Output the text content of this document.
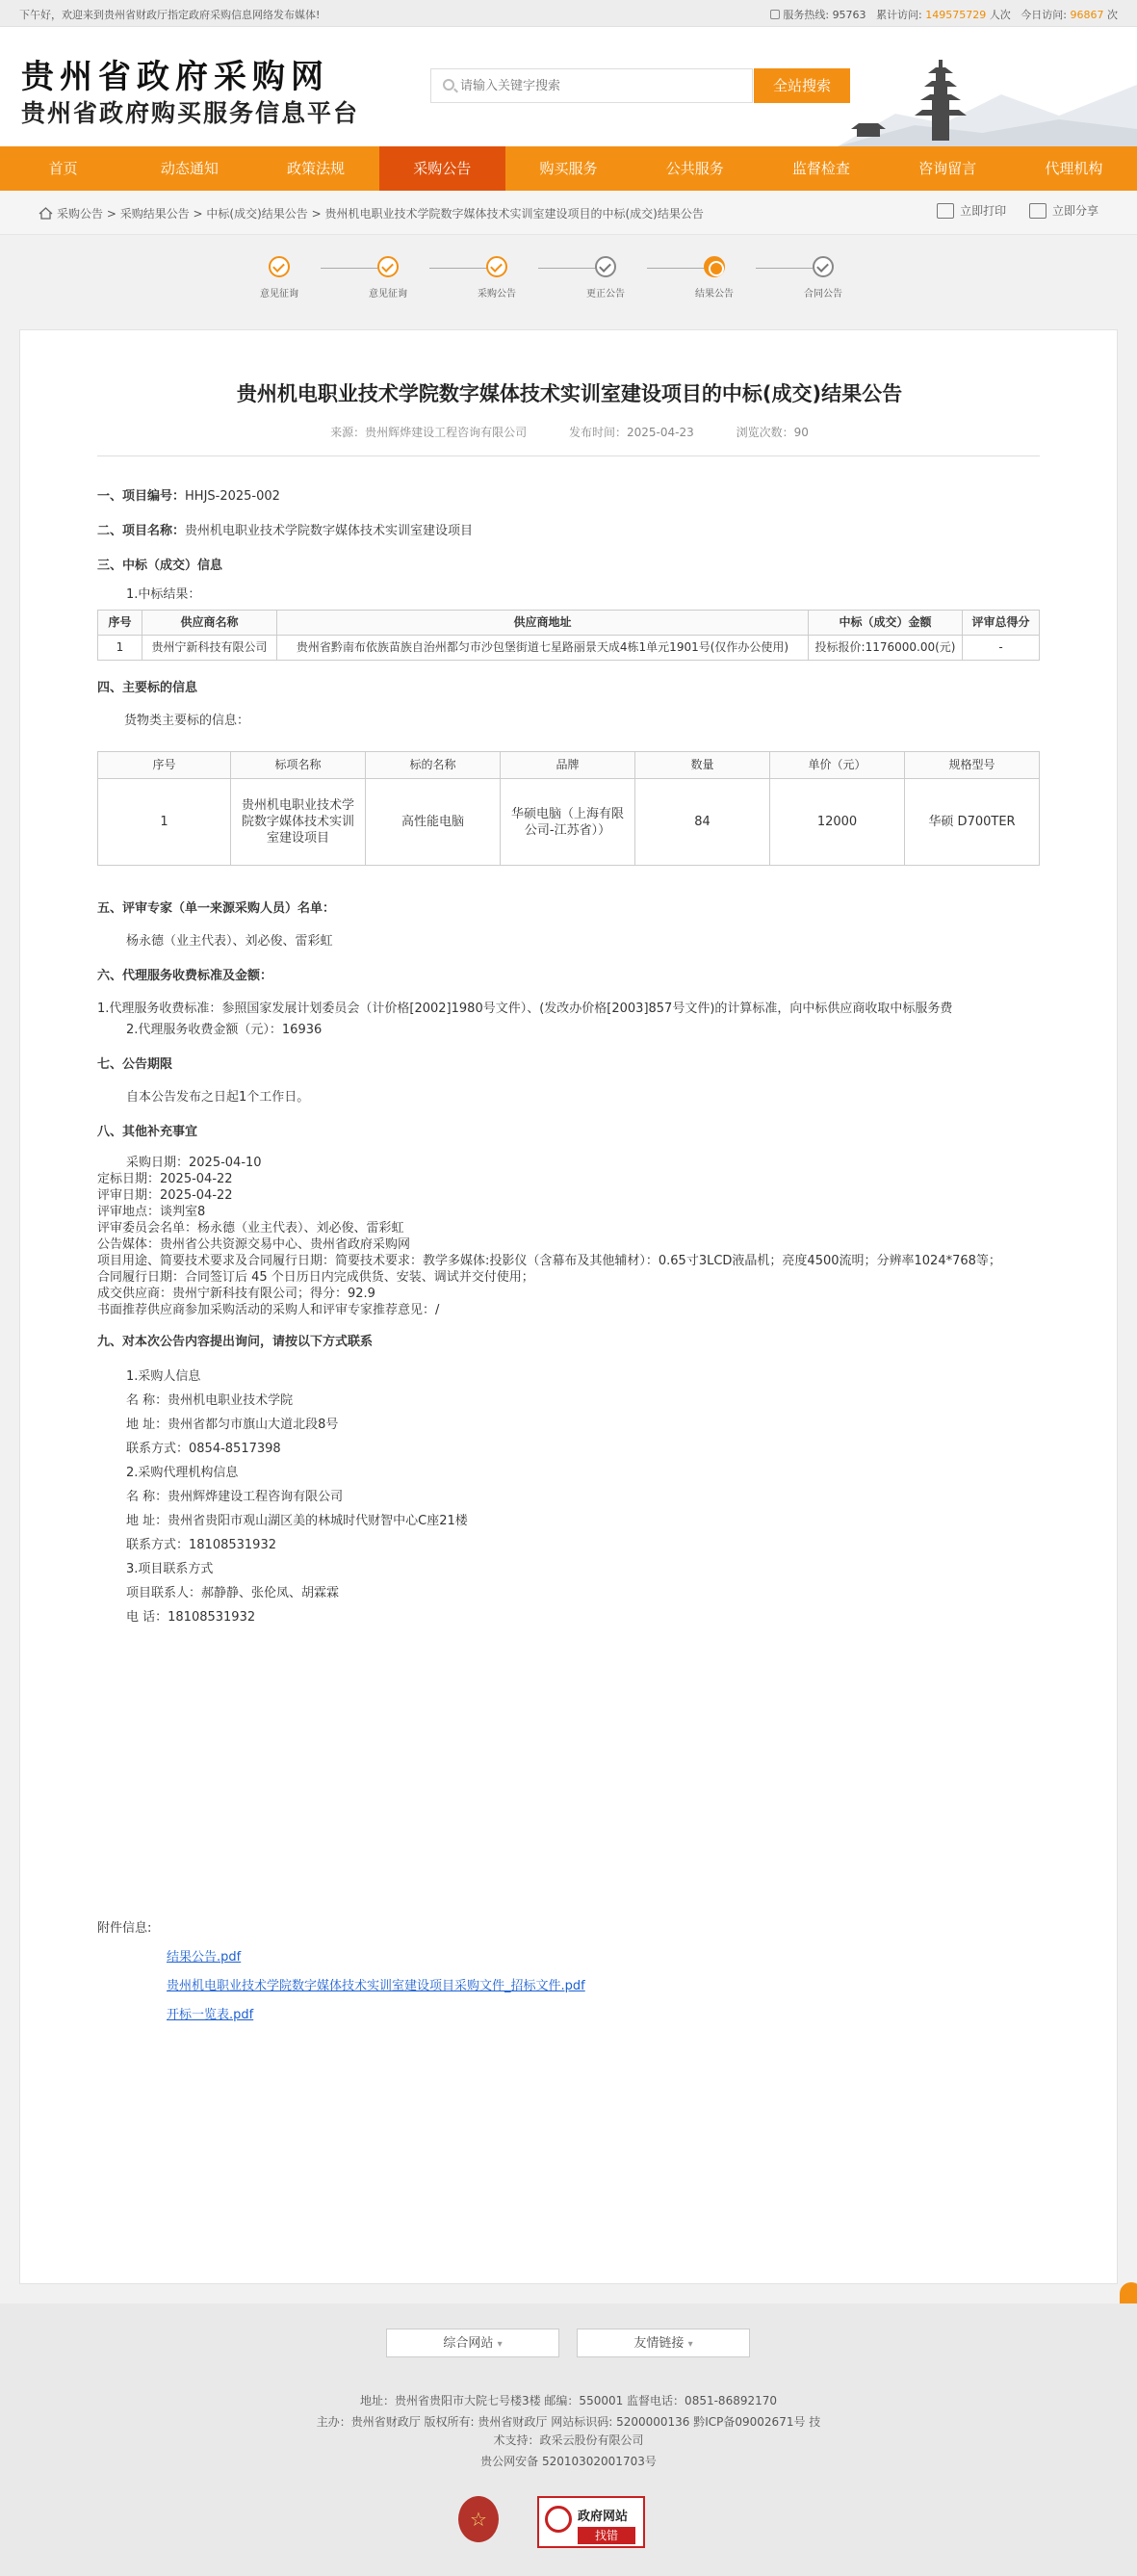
下午好，欢迎来到贵州省财政厅指定政府采购信息网络发布媒体!	服务热线: 95763 累计访问: 149575729 人次 今日访问: 96867 次
贵州省政府采购网
贵州省政府购买服务信息平台
请输入关键字搜索
全站搜索
首页	动态通知	政策法规	采购公告	购买服务	公共服务	监督检查	咨询留言	代理机构
采购公告 > 采购结果公告 > 中标(成交)结果公告 > 贵州机电职业技术学院数字媒体技术实训室建设项目的中标(成交)结果公告	立即打印	立即分享
意见征询	意见征询	采购公告	更正公告	结果公告	合同公告
贵州机电职业技术学院数字媒体技术实训室建设项目的中标(成交)结果公告
来源：贵州辉烨建设工程咨询有限公司	发布时间：2025-04-23	浏览次数：90
一、项目编号：HHJS-2025-002
二、项目名称：贵州机电职业技术学院数字媒体技术实训室建设项目
三、中标（成交）信息
1.中标结果：
序号	供应商名称	供应商地址	中标（成交）金额	评审总得分
1	贵州宁新科技有限公司	贵州省黔南布依族苗族自治州都匀市沙包堡街道七星路丽景天成4栋1单元1901号(仅作办公使用)	投标报价:1176000.00(元)	-
四、主要标的信息
货物类主要标的信息：
序号	标项名称	标的名称	品牌	数量	单价（元）	规格型号
1	贵州机电职业技术学院数字媒体技术实训室建设项目	高性能电脑	华硕电脑（上海有限公司-江苏省））	84	12000	华硕 D700TER
五、评审专家（单一来源采购人员）名单：
杨永德（业主代表）、刘必俊、雷彩虹
六、代理服务收费标准及金额：
1.代理服务收费标准：参照国家发展计划委员会（计价格[2002]1980号文件）、(发改办价格[2003]857号文件)的计算标准，向中标供应商收取中标服务费
2.代理服务收费金额（元）：16936
七、公告期限
自本公告发布之日起1个工作日。
八、其他补充事宜
采购日期：2025-04-10
定标日期：2025-04-22
评审日期：2025-04-22
评审地点：谈判室8
评审委员会名单：杨永德（业主代表）、刘必俊、雷彩虹
公告媒体：贵州省公共资源交易中心、贵州省政府采购网
项目用途、简要技术要求及合同履行日期：简要技术要求：教学多媒体:投影仪（含幕布及其他辅材）：0.65寸3LCD液晶机；亮度4500流明；分辨率1024*768等；
合同履行日期：合同签订后 45 个日历日内完成供货、安装、调试并交付使用；
成交供应商：贵州宁新科技有限公司；得分：92.9
书面推荐供应商参加采购活动的采购人和评审专家推荐意见：/
九、对本次公告内容提出询问，请按以下方式联系
1.采购人信息
名 称：贵州机电职业技术学院
地 址：贵州省都匀市旗山大道北段8号
联系方式：0854-8517398
2.采购代理机构信息
名 称：贵州辉烨建设工程咨询有限公司
地 址：贵州省贵阳市观山湖区美的林城时代财智中心C座21楼
联系方式：18108531932
3.项目联系方式
项目联系人：郝静静、张伦凤、胡霖霖
电 话：18108531932
附件信息:
结果公告.pdf
贵州机电职业技术学院数字媒体技术实训室建设项目采购文件_招标文件.pdf
开标一览表.pdf
综合网站 ▾	友情链接 ▾
地址：贵州省贵阳市大院七号楼3楼 邮编：550001 监督电话：0851-86892170
主办：贵州省财政厅 版权所有: 贵州省财政厅 网站标识码: 5200000136 黔ICP备09002671号 技
术支持：政采云股份有限公司
贵公网安备 52010302001703号
☆	政府网站
找错
